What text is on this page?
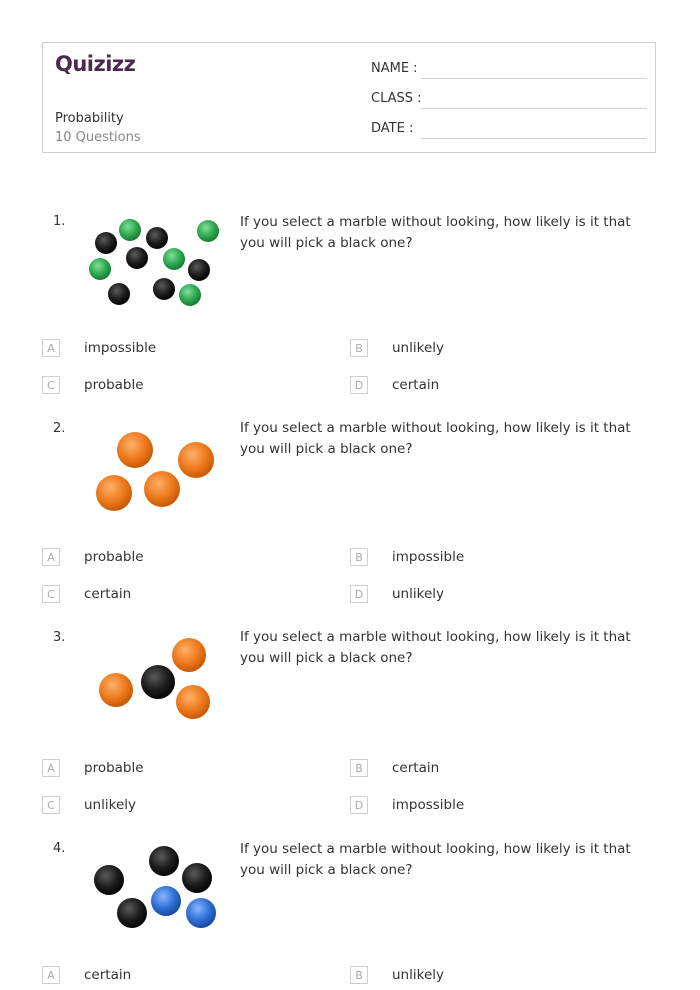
Quizizz
Probability
10 Questions
NAME :
CLASS :
DATE :
1.	If you select a marble without looking, how likely is it that you will pick a black one?
A	impossible	B	unlikely
C	probable	D	certain
2.	If you select a marble without looking, how likely is it that you will pick a black one?
A	probable	B	impossible
C	certain	D	unlikely
3.	If you select a marble without looking, how likely is it that you will pick a black one?
A	probable	B	certain
C	unlikely	D	impossible
4.	If you select a marble without looking, how likely is it that you will pick a black one?
A	certain	B	unlikely
